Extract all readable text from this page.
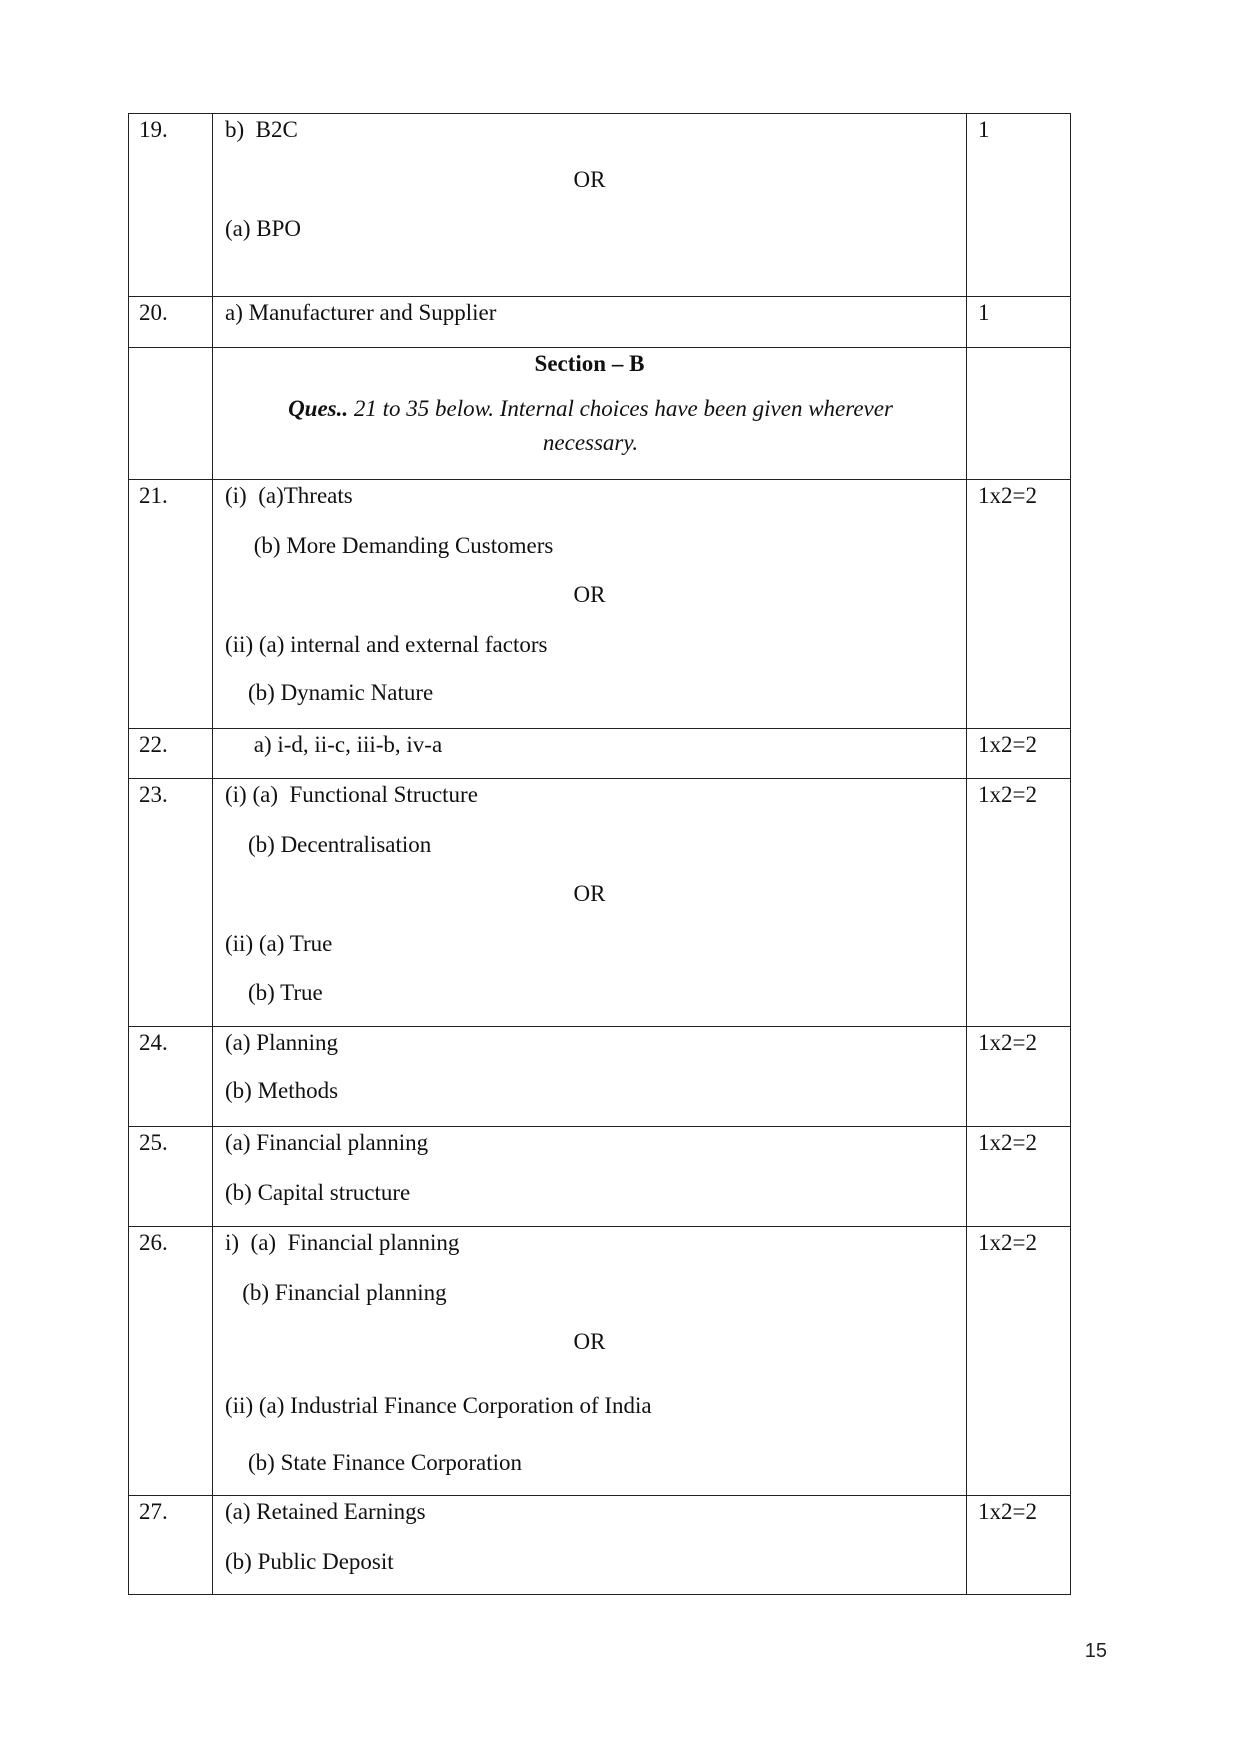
19.	b)  B2C
OR
(a) BPO	1
20.	a) Manufacturer and Supplier	1

	Section – B
Ques.. 21 to 35 below. Internal choices have been given wherever necessary.	

21.	(i)  (a)Threats
(b) More Demanding Customers
OR
(ii) (a) internal and external factors
(b) Dynamic Nature	1x2=2
22.	a) i-d, ii-c, iii-b, iv-a	1x2=2
23.	(i) (a)  Functional Structure
(b) Decentralisation
OR
(ii) (a) True
(b) True	1x2=2
24.	(a) Planning
(b) Methods	1x2=2
25.	(a) Financial planning
(b) Capital structure	1x2=2
26.	i)  (a)  Financial planning
(b) Financial planning
OR
(ii) (a) Industrial Finance Corporation of India
(b) State Finance Corporation	1x2=2
27.	(a) Retained Earnings
(b) Public Deposit	1x2=2
15
